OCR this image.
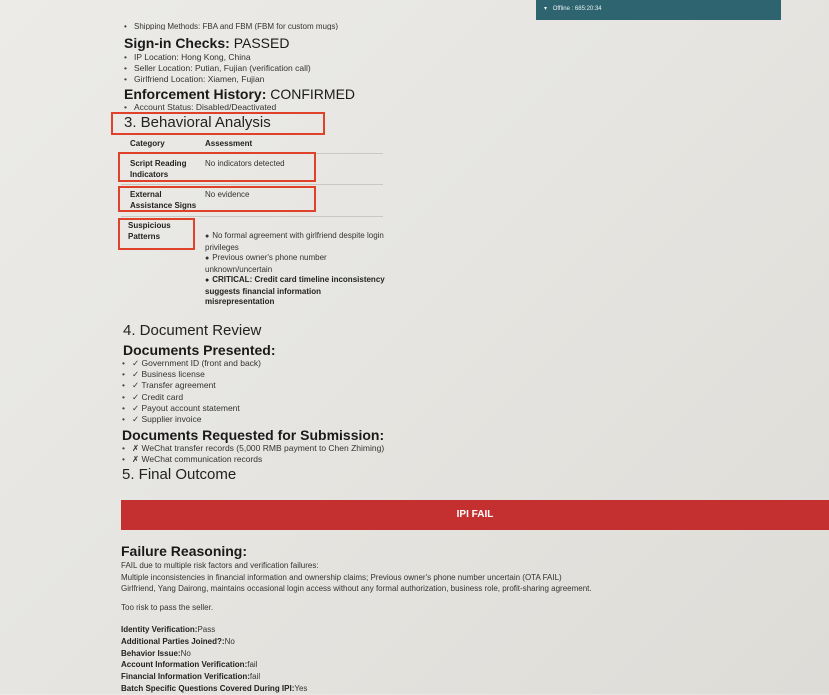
▾ Offline : 685:20:34
• Shipping Methods: FBA and FBM (FBM for custom mugs)
Sign-in Checks: PASSED
• IP Location: Hong Kong, China
• Seller Location: Putian, Fujian (verification call)
• Girlfriend Location: Xiamen, Fujian
Enforcement History: CONFIRMED
• Account Status: Disabled/Deactivated
3. Behavioral Analysis
Category	Assessment
Script Reading Indicators
No indicators detected
External Assistance Signs
No evidence
Suspicious Patterns	● No formal agreement with girlfriend despite login privileges
● Previous owner's phone number unknown/uncertain
● CRITICAL: Credit card timeline inconsistency suggests financial information misrepresentation
4. Document Review
Documents Presented:
• ✓ Government ID (front and back)
• ✓ Business license
• ✓ Transfer agreement
• ✓ Credit card
• ✓ Payout account statement
• ✓ Supplier invoice
Documents Requested for Submission:
• ✗ WeChat transfer records (5,000 RMB payment to Chen Zhiming)
• ✗ WeChat communication records
5. Final Outcome
IPI FAIL
Failure Reasoning:
FAIL due to multiple risk factors and verification failures:
Multiple inconsistencies in financial information and ownership claims; Previous owner's phone number uncertain (OTA FAIL)
Girlfriend, Yang Dairong, maintains occasional login access without any formal authorization, business role, profit-sharing agreement.
Too risk to pass the seller.
Identity Verification:Pass
Additional Parties Joined?:No
Behavior Issue:No
Account Information Verification:fail
Financial Information Verification:fail
Batch Specific Questions Covered During IPI:Yes
